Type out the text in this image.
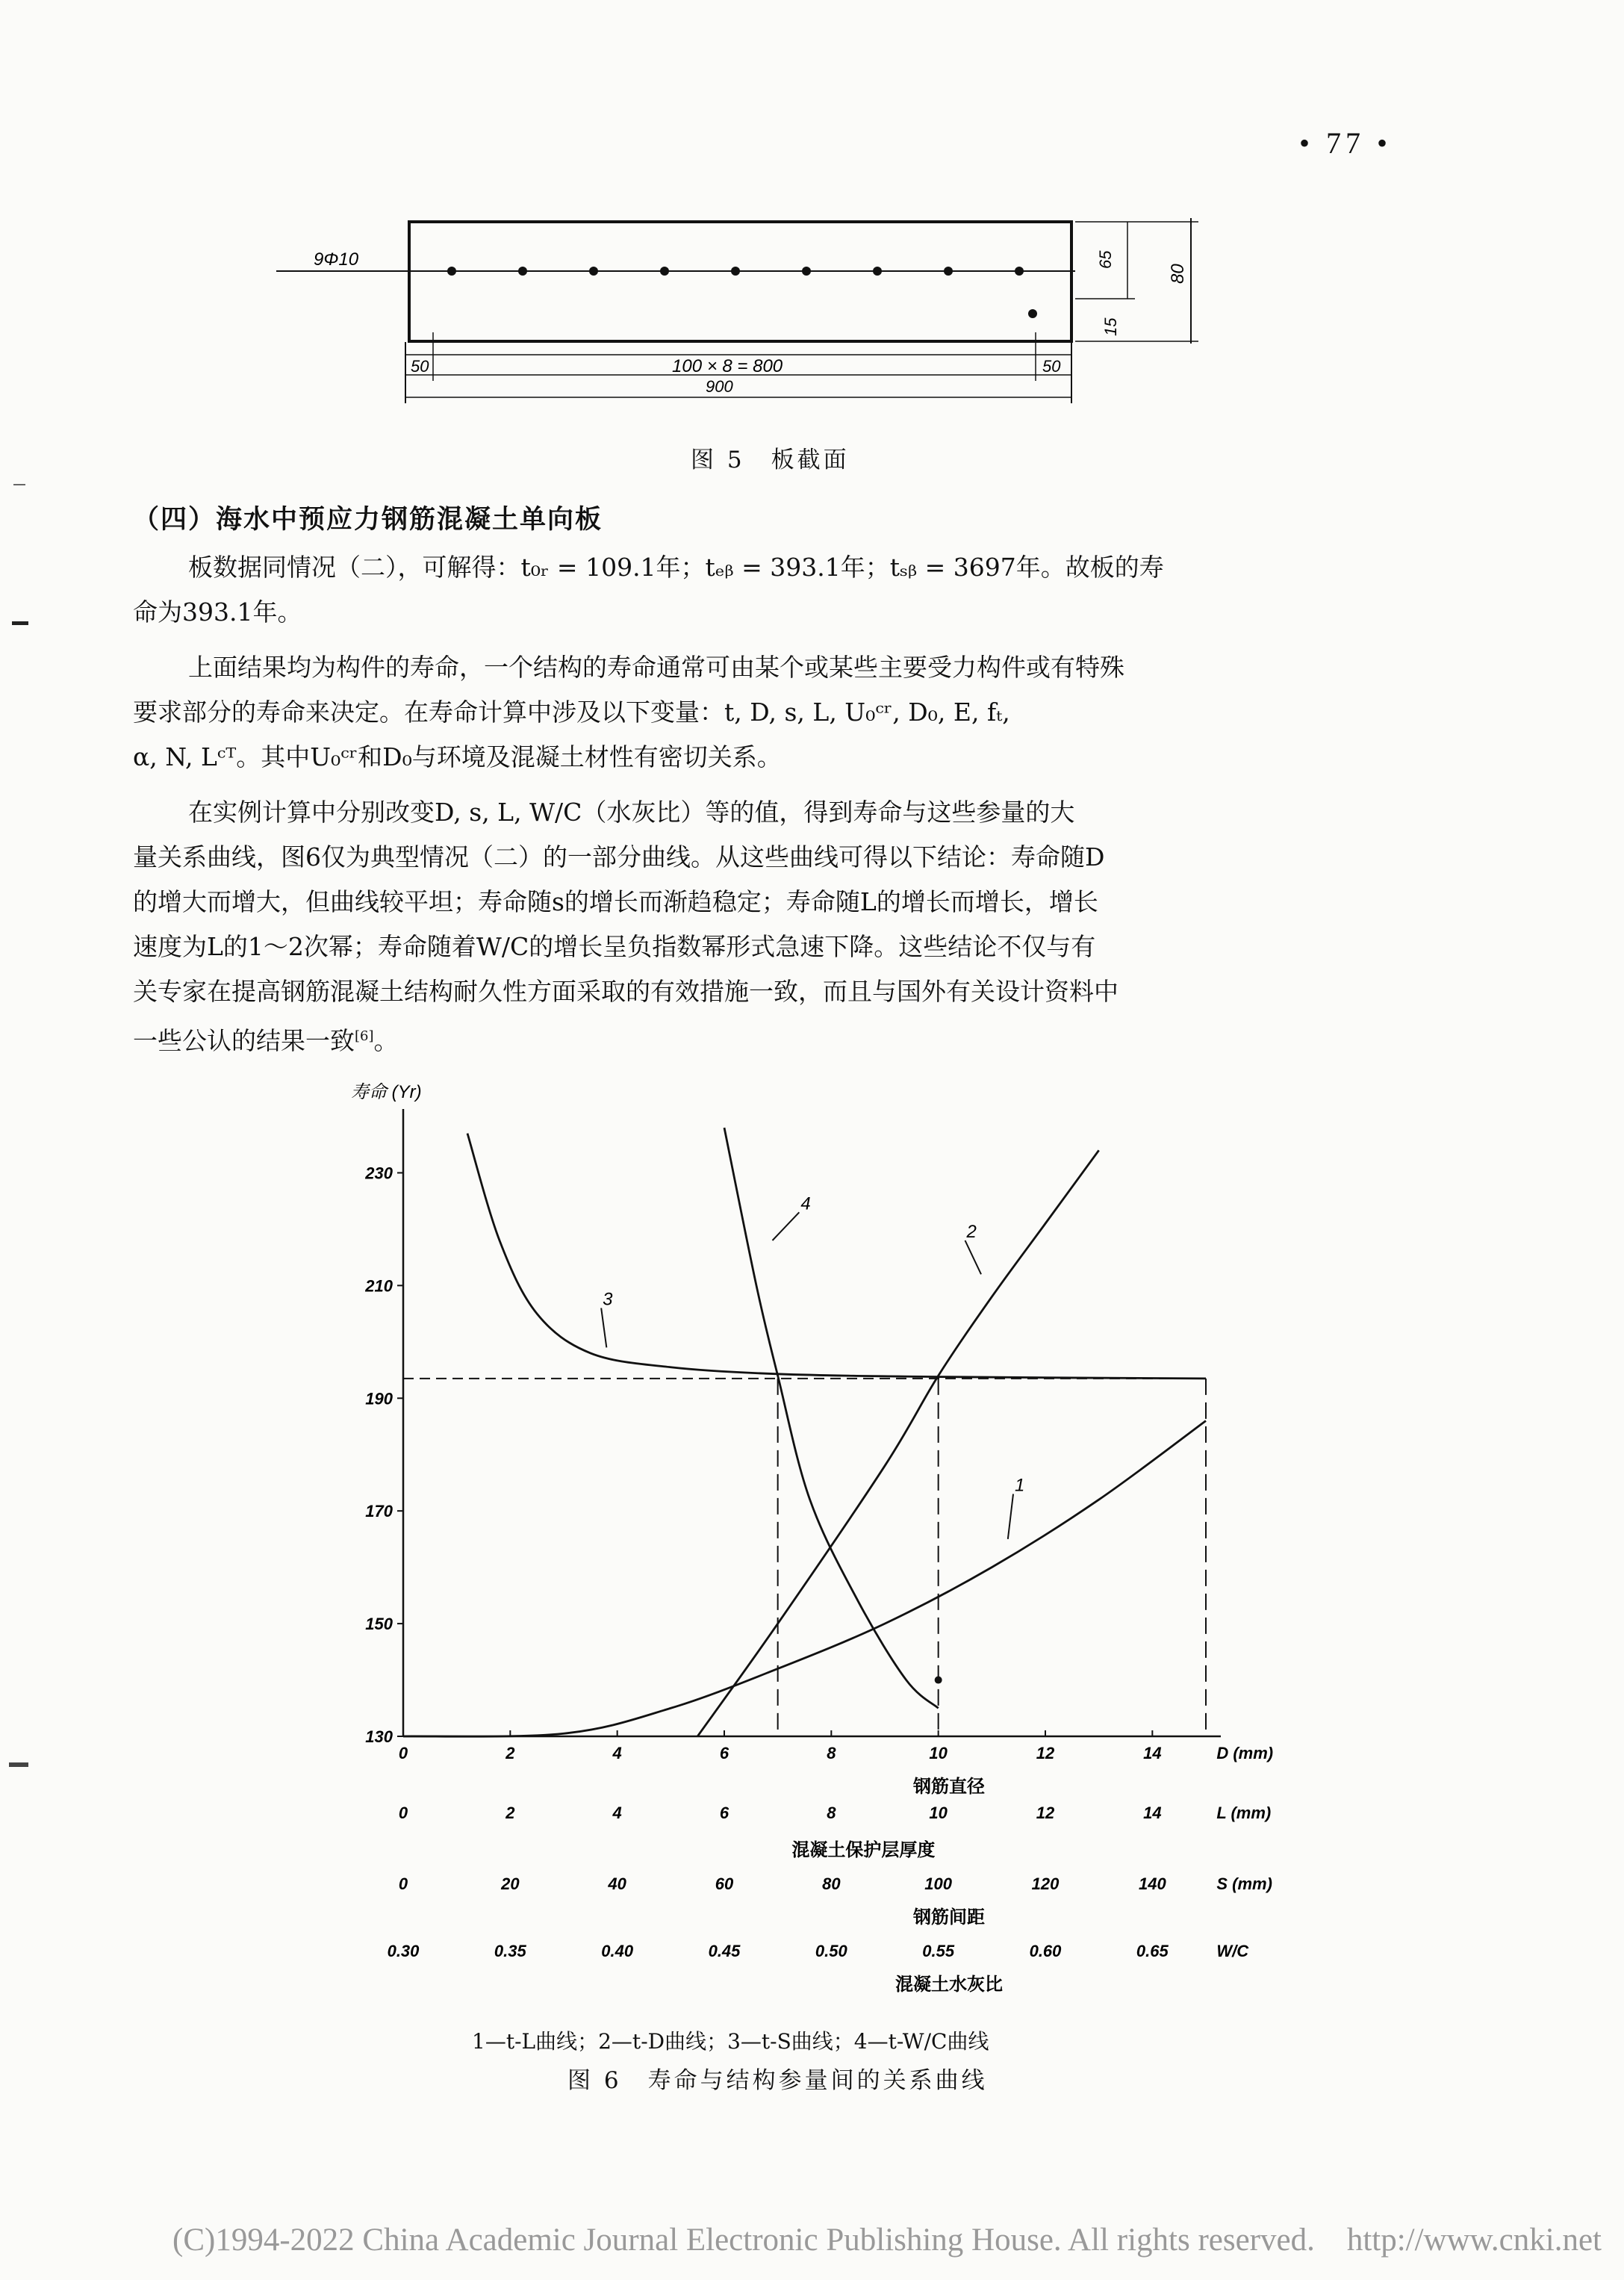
• 77 •
9Φ10
50	100 × 8 = 800	50
900
65
15
80
图 5　板截面
（四）海水中预应力钢筋混凝土单向板
板数据同情况（二），可解得：t₀ᵣ = 109.1年；tₑᵦ = 393.1年；tₛᵦ = 3697年。故板的寿
命为393.1年。
上面结果均为构件的寿命，一个结构的寿命通常可由某个或某些主要受力构件或有特殊
要求部分的寿命来决定。在寿命计算中涉及以下变量：t, D, s, L, U₀ᶜʳ, D₀, E, fₜ,
α, N, Lᶜᵀ。其中U₀ᶜʳ和D₀与环境及混凝土材性有密切关系。
在实例计算中分别改变D, s, L, W/C（水灰比）等的值，得到寿命与这些参量的大
量关系曲线，图6仅为典型情况（二）的一部分曲线。从这些曲线可得以下结论：寿命随D
的增大而增大，但曲线较平坦；寿命随s的增长而渐趋稳定；寿命随L的增长而增长，增长
速度为L的1～2次幂；寿命随着W/C的增长呈负指数幂形式急速下降。这些结论不仅与有
关专家在提高钢筋混凝土结构耐久性方面采取的有效措施一致，而且与国外有关设计资料中
一些公认的结果一致[6]。
寿命 (Yr)
130
150
170
190
210
230
0	2	4	6	8	10	12	14	D (mm)
钢筋直径
0	2	4	6	8	10	12	14	L (mm)
混凝土保护层厚度
0	20	40	60	80	100	120	140	S (mm)
钢筋间距
0.30	0.35	0.40	0.45	0.50	0.55	0.60	0.65	W/C
混凝土水灰比
1
2
3
4
1—t-L曲线；2—t-D曲线；3—t-S曲线；4—t-W/C曲线
图 6　寿命与结构参量间的关系曲线
(C)1994-2022 China Academic Journal Electronic Publishing House. All rights reserved.　http://www.cnki.net
